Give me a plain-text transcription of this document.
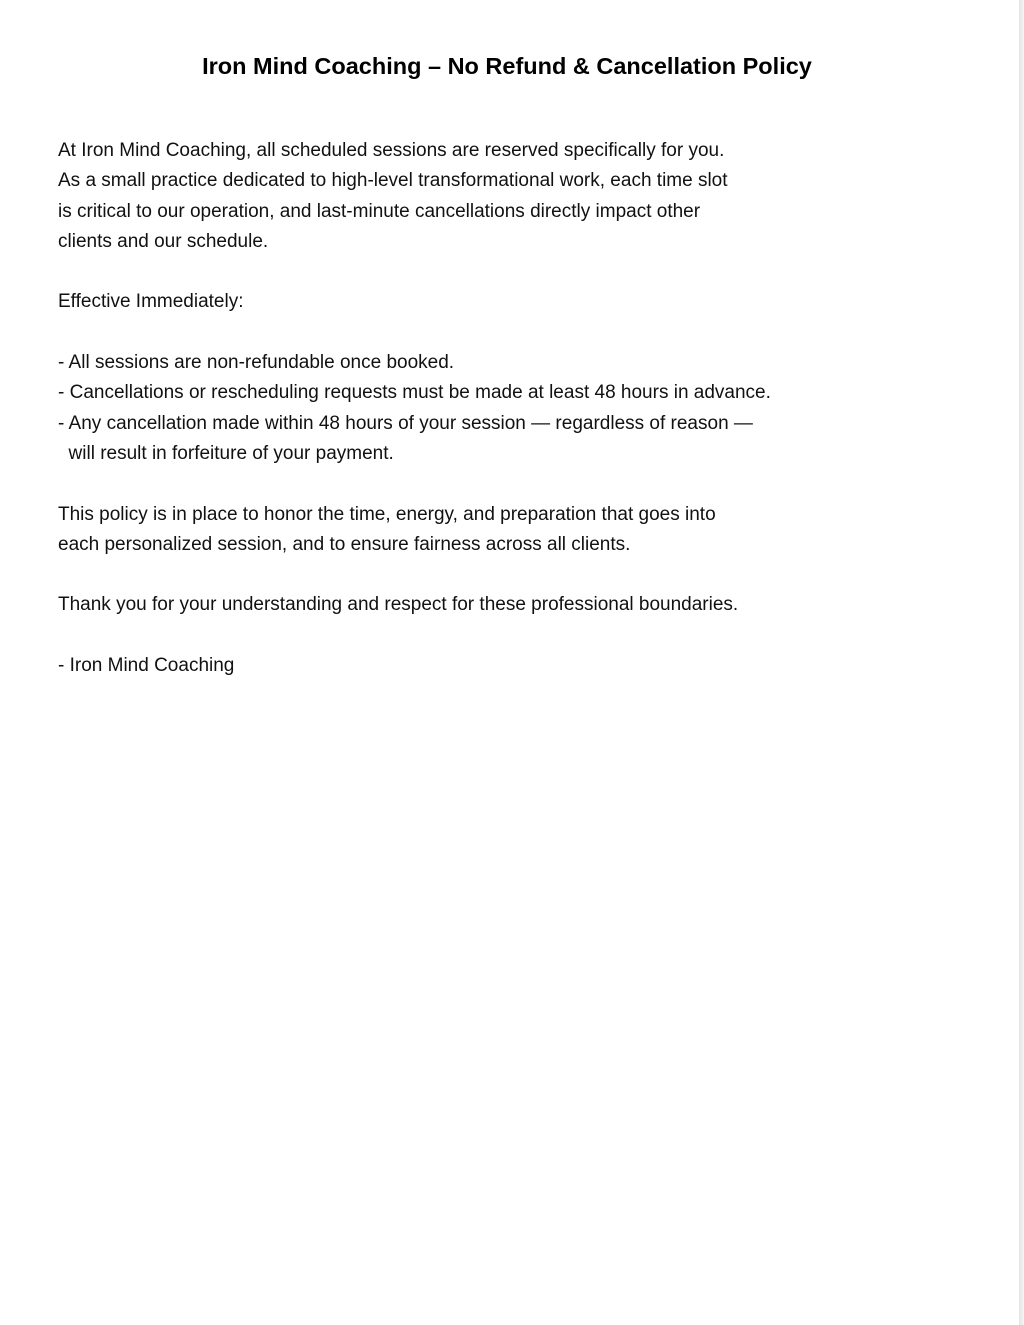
Iron Mind Coaching – No Refund & Cancellation Policy
At Iron Mind Coaching, all scheduled sessions are reserved specifically for you.
As a small practice dedicated to high-level transformational work, each time slot
is critical to our operation, and last-minute cancellations directly impact other
clients and our schedule.
Effective Immediately:
- All sessions are non-refundable once booked.
- Cancellations or rescheduling requests must be made at least 48 hours in advance.
- Any cancellation made within 48 hours of your session — regardless of reason —
will result in forfeiture of your payment.
This policy is in place to honor the time, energy, and preparation that goes into
each personalized session, and to ensure fairness across all clients.
Thank you for your understanding and respect for these professional boundaries.
- Iron Mind Coaching
